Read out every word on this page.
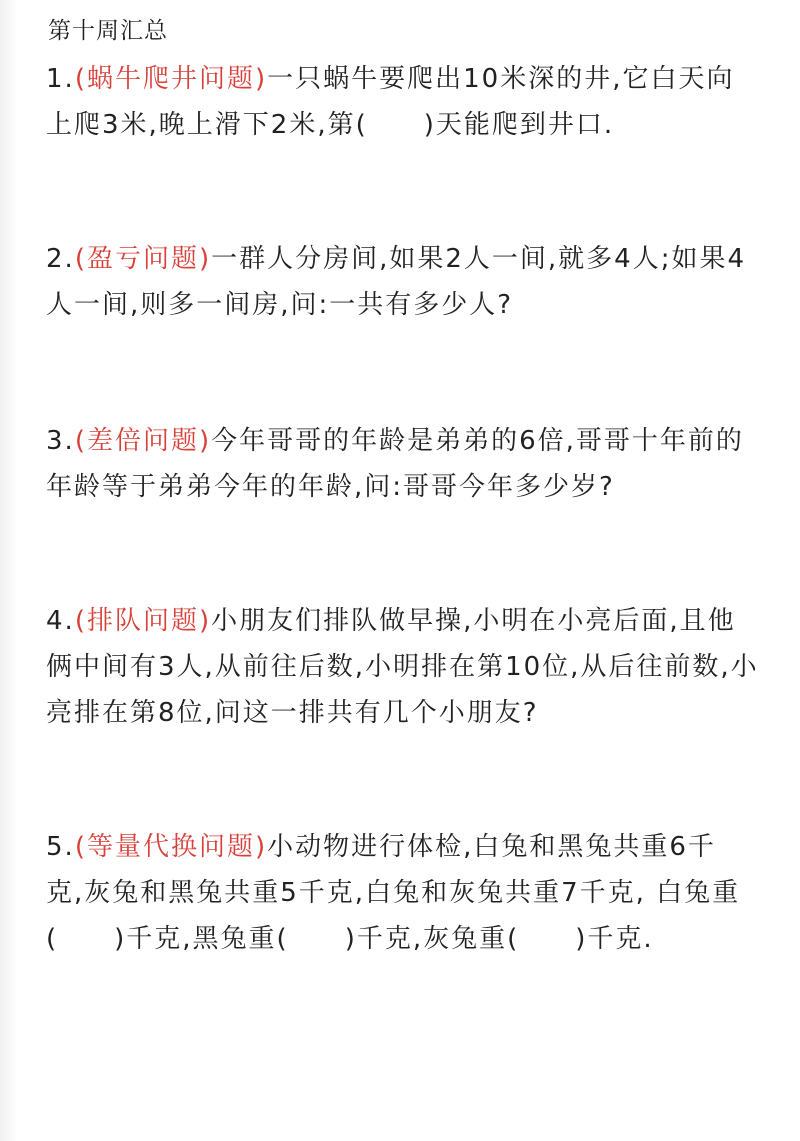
第十周汇总
1.(蜗牛爬井问题)一只蜗牛要爬出10米深的井,它白天向
上爬3米,晚上滑下2米,第(　　)天能爬到井口.
2.(盈亏问题)一群人分房间,如果2人一间,就多4人;如果4
人一间,则多一间房,问:一共有多少人?
3.(差倍问题)今年哥哥的年龄是弟弟的6倍,哥哥十年前的
年龄等于弟弟今年的年龄,问:哥哥今年多少岁?
4.(排队问题)小朋友们排队做早操,小明在小亮后面,且他
俩中间有3人,从前往后数,小明排在第10位,从后往前数,小
亮排在第8位,问这一排共有几个小朋友?
5.(等量代换问题)小动物进行体检,白兔和黑兔共重6千
克,灰兔和黑兔共重5千克,白兔和灰兔共重7千克, 白兔重
(　　)千克,黑兔重(　　)千克,灰兔重(　　)千克.
